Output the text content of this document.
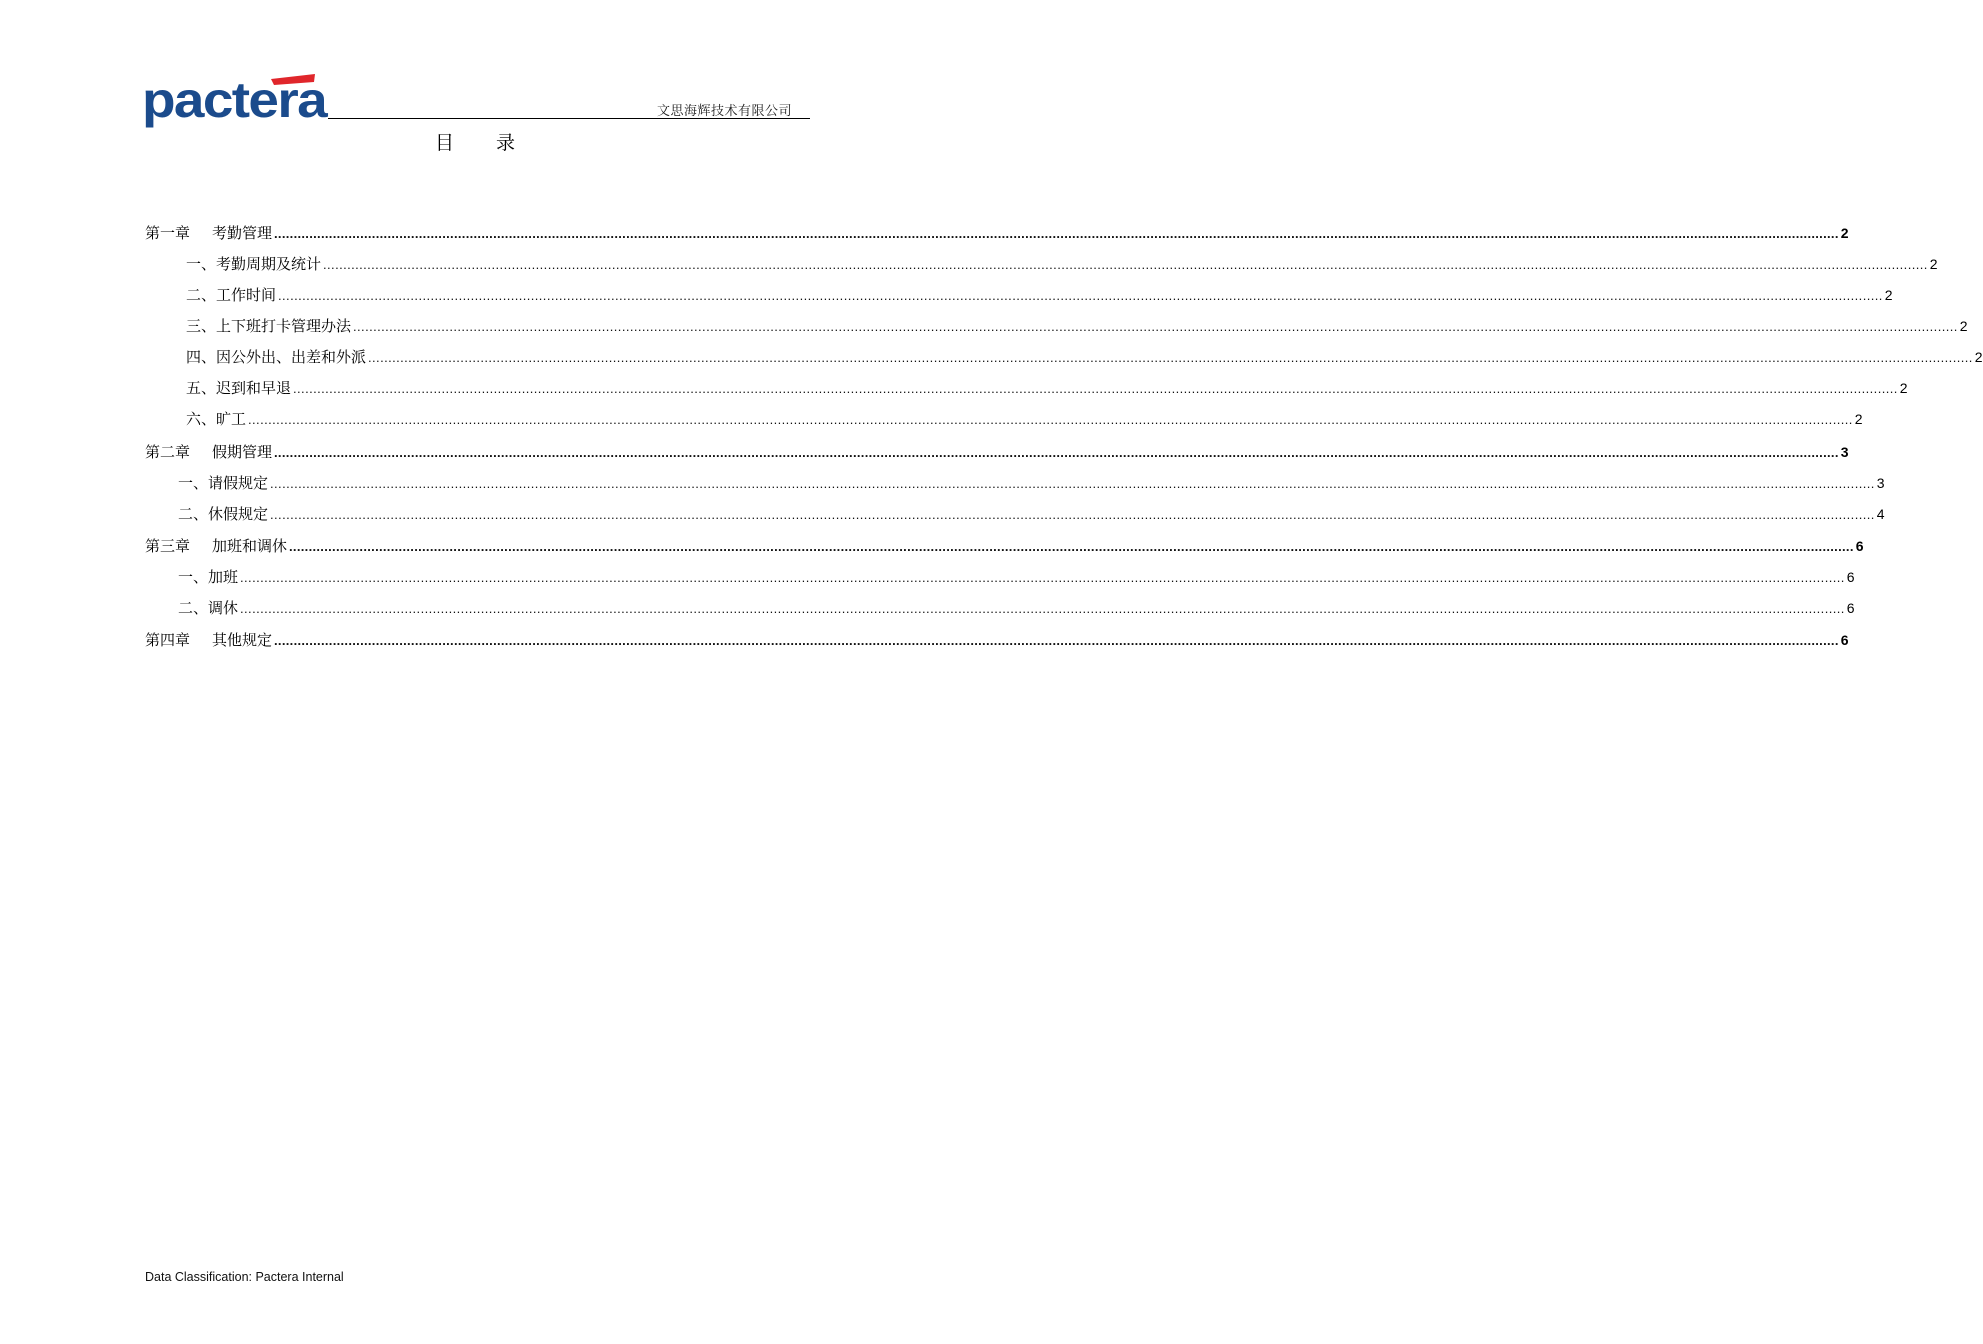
pactera	文思海辉技术有限公司
目 录
第一章 考勤管理 ................................................................................................................................................................................................................................................................................................................................................................................................................ 2
一、考勤周期及统计 ................................................................................................................................................................................................................................................................................................................................................................................................................ 2
二、工作时间 ................................................................................................................................................................................................................................................................................................................................................................................................................ 2
三、上下班打卡管理办法 ................................................................................................................................................................................................................................................................................................................................................................................................................ 2
四、因公外出、出差和外派 ................................................................................................................................................................................................................................................................................................................................................................................................................ 2
五、迟到和早退 ................................................................................................................................................................................................................................................................................................................................................................................................................ 2
六、旷工 ................................................................................................................................................................................................................................................................................................................................................................................................................ 2
第二章 假期管理 ................................................................................................................................................................................................................................................................................................................................................................................................................ 3
一、请假规定 ................................................................................................................................................................................................................................................................................................................................................................................................................ 3
二、休假规定 ................................................................................................................................................................................................................................................................................................................................................................................................................ 4
第三章 加班和调休 ................................................................................................................................................................................................................................................................................................................................................................................................................ 6
一、加班 ................................................................................................................................................................................................................................................................................................................................................................................................................ 6
二、调休 ................................................................................................................................................................................................................................................................................................................................................................................................................ 6
第四章 其他规定 ................................................................................................................................................................................................................................................................................................................................................................................................................ 6
Data Classification: Pactera Internal
